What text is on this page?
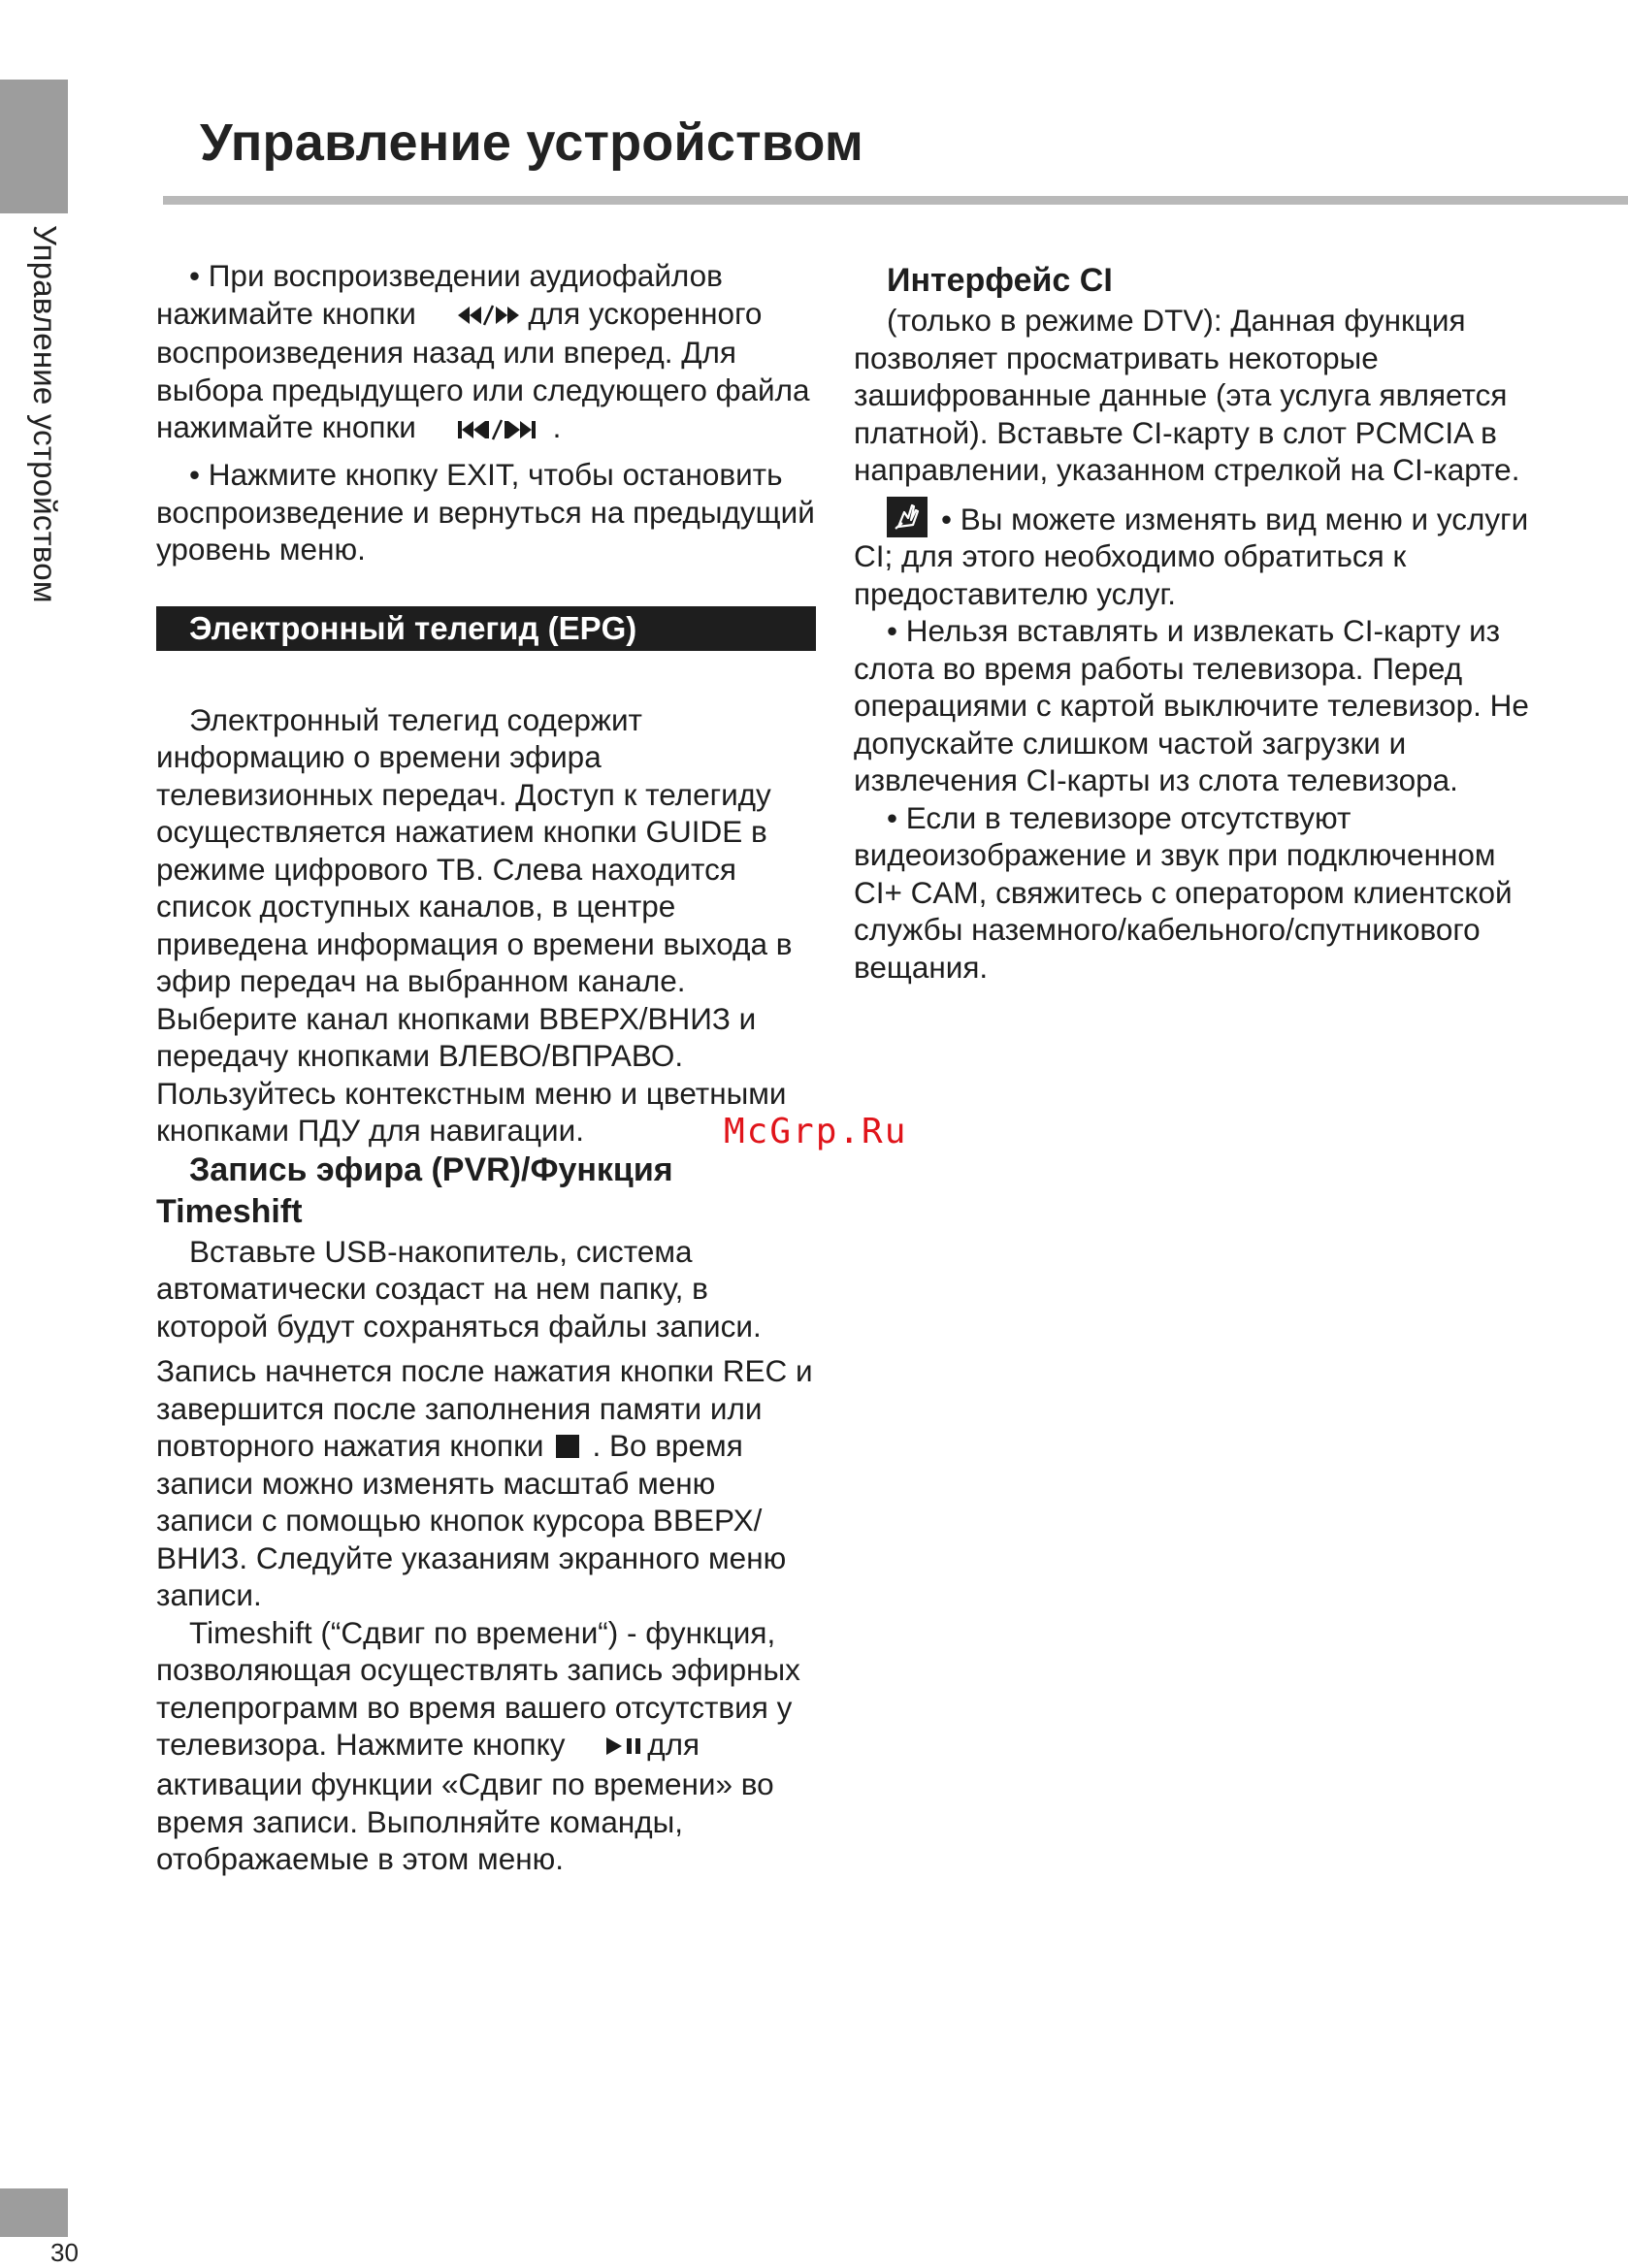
Управление устройством
Управление устройством

• При воспроизведении аудиофайлов нажимайте кнопки	для ускоренного воспроизведения назад или вперед. Для выбора предыдущего или следующего файла нажимайте кнопки	.

• Нажмите кнопку EXIT, чтобы остановить воспроизведение и вернуться на предыдущий уровень меню.

Электронный телегид (EPG)

Электронный телегид содержит информацию о времени эфира телевизионных передач. Доступ к телегиду осуществляется нажатием кнопки GUIDE в режиме цифрового ТВ. Слева находится список доступных каналов, в центре приведена информация о времени выхода в эфир передач на выбранном канале. Выберите канал кнопками ВВЕРХ/ВНИЗ и передачу кнопками ВЛЕВО/ВПРАВО. Пользуйтесь контекстным меню и цветными кнопками ПДУ для навигации.

Запись эфира (PVR)/Функция
Timeshift

Вставьте USB-накопитель, система автоматически создаст на нем папку, в которой будут сохраняться файлы записи.

Запись начнется после нажатия кнопки REC и завершится после заполнения памяти или повторного нажатия кнопки . Во время записи можно изменять масштаб меню записи с помощью кнопок курсора ВВЕРХ/ВНИЗ. Следуйте указаниям экранного меню записи.

Timeshift (“Сдвиг по времени“) - функция, позволяющая осуществлять запись эфирных телепрограмм во время вашего отсутствия у телевизора. Нажмите кнопку для активации функции «Сдвиг по времени» во время записи. Выполняйте команды, отображаемые в этом меню.

Интерфейс CI

(только в режиме DTV): Данная функция позволяет просматривать некоторые зашифрованные данные (эта услуга является платной). Вставьте CI-карту в слот PCMCIA в направлении, указанном стрелкой на CI-карте.

• Вы можете изменять вид меню и услуги CI; для этого необходимо обратиться к предоставителю услуг.

• Нельзя вставлять и извлекать CI-карту из слота во время работы телевизора. Перед операциями с картой выключите телевизор. Не допускайте слишком частой загрузки и извлечения CI-карты из слота телевизора.

• Если в телевизоре отсутствуют видеоизображение и звук при подключенном CI+ CAM, свяжитесь с оператором клиентской службы наземного/кабельного/спутникового вещания.

McGrp.Ru
30
